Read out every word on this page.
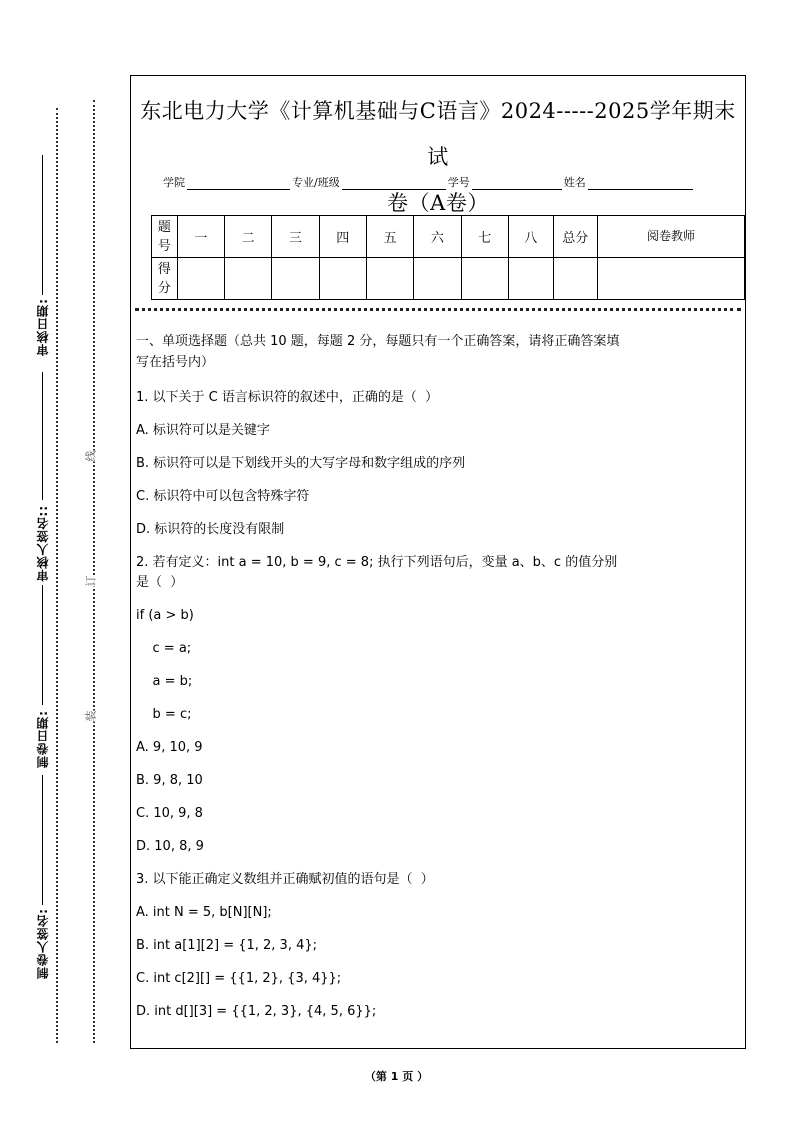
审核日期:
审核人签名::
制卷日期:
制卷人签名:
线
订
装
东北电力大学《计算机基础与C语言》2024-----2025学年期末试
卷（A卷）
学院	专业/班级	学号	姓名
题号	一	二	三	四	五	六	七	八	总分	阅卷教师
得分										
一、单项选择题（总共 10 题，每题 2 分，每题只有一个正确答案，请将正确答案填
写在括号内）
1. 以下关于 C 语言标识符的叙述中，正确的是（  ）
A. 标识符可以是关键字
B. 标识符可以是下划线开头的大写字母和数字组成的序列
C. 标识符中可以包含特殊字符
D. 标识符的长度没有限制
2. 若有定义：int a = 10, b = 9, c = 8; 执行下列语句后，变量 a、b、c 的值分别
是（  ）
if (a > b)
c = a;
a = b;
b = c;
A. 9, 10, 9
B. 9, 8, 10
C. 10, 9, 8
D. 10, 8, 9
3. 以下能正确定义数组并正确赋初值的语句是（  ）
A. int N = 5, b[N][N];
B. int a[1][2] = {1, 2, 3, 4};
C. int c[2][] = {{1, 2}, {3, 4}};
D. int d[][3] = {{1, 2, 3}, {4, 5, 6}};
（第 1 页 ）
